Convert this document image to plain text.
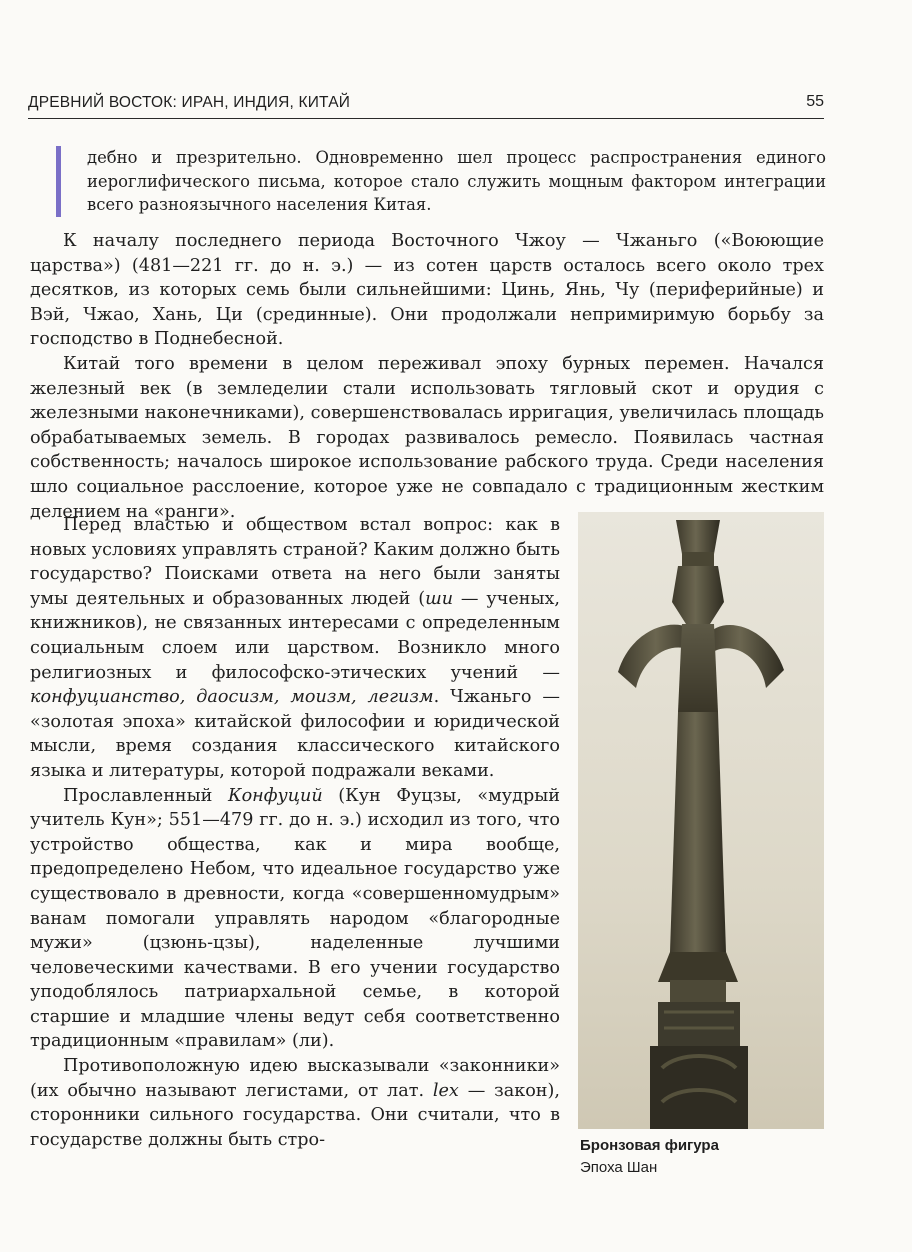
ДРЕВНИЙ ВОСТОК: ИРАН, ИНДИЯ, КИТАЙ	55

дебно и презрительно. Одновременно шел процесс распространения единого иероглифического письма, которое стало служить мощным фактором интеграции всего разноязычного населения Китая.

К началу последнего периода Восточного Чжоу — Чжаньго («Воюющие царства») (481—221 гг. до н. э.) — из сотен царств осталось всего около трех десятков, из которых семь были сильнейшими: Цинь, Янь, Чу (периферийные) и Вэй, Чжао, Хань, Ци (срединные). Они продолжали непримиримую борьбу за господство в Поднебесной.

Китай того времени в целом переживал эпоху бурных перемен. Начался железный век (в земледелии стали использовать тягловый скот и орудия с железными наконечниками), совершенствовалась ирригация, увеличилась площадь обрабатываемых земель. В городах развивалось ремесло. Появилась частная собственность; началось широкое использование рабского труда. Среди населения шло социальное расслоение, которое уже не совпадало с традиционным жестким делением на «ранги».

Перед властью и обществом встал вопрос: как в новых условиях управлять страной? Каким должно быть государство? Поисками ответа на него были заняты умы деятельных и образованных людей (ши — ученых, книжников), не связанных интересами с определенным социальным слоем или царством. Возникло много религиозных и философско-этических учений — конфуцианство, даосизм, моизм, легизм. Чжаньго — «золотая эпоха» китайской философии и юридической мысли, время создания классического китайского языка и литературы, которой подражали веками.

Прославленный Конфуций (Кун Фуцзы, «мудрый учитель Кун»; 551—479 гг. до н. э.) исходил из того, что устройство общества, как и мира вообще, предопределено Небом, что идеальное государство уже существовало в древности, когда «совершенномудрым» ванам помогали управлять народом «благородные мужи» (цзюнь-цзы), наделенные лучшими человеческими качествами. В его учении государство уподоблялось патриархальной семье, в которой старшие и младшие члены ведут себя соответственно традиционным «правилам» (ли).

Противоположную идею высказывали «законники» (их обычно называют легистами, от лат. lex — закон), сторонники сильного государства. Они считали, что в государстве должны быть стро-	Бронзовая фигура
Эпоха Шан
